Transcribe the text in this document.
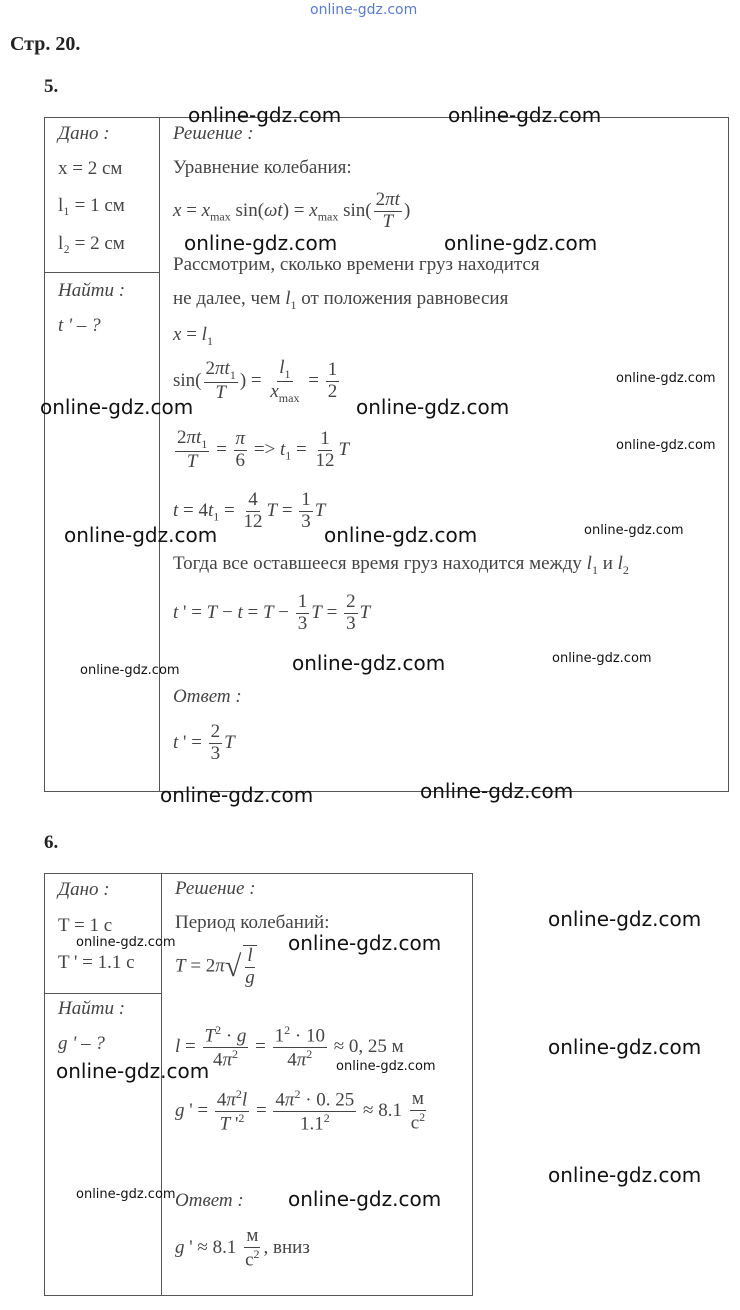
online-gdz.com
Стр. 20.
5.
Дано :
x = 2 см
l₁ = 1 см
l₂ = 2 см
Найти :
t ' – ?
Решение :
Уравнение колебания:
$x = x_{max}$ $\sin(\omega t) = x_{max}$ $\sin( \frac{2\pi t}{T}$ )
Рассмотрим, сколько времени груз находится
не далее, чем $l_1$ от положения равновесия
$x = l_1$
$\sin( \frac{2\pi t_1}{T}$ ) = $\frac{l_1}{x_{max}} = \frac{1}{2}$
$\frac{2\pi t_1}{T} = \frac{\pi}{6} => t_1 = \frac{1}{12}$ T
$t = 4t_1 = \frac{4}{12}$ $T = \frac{1}{3}$ T
Тогда все оставшееся время груз находится между $l_1$ и $l_2$
t ' = $T - t = T - \frac{1}{3}$ $T = \frac{2}{3}$ T
Ответ :
t ' = $\frac{2}{3}$ T
6.
Дано :
T = 1 с
T ' = 1.1 с
Найти :
g ' – ?
Решение :
Период колебаний:
$T = 2\pi√ \frac{l}{g}$
$l = \frac{T^2 \cdot g}{4\pi^2} = \frac{1^2 \cdot 10}{4\pi^2} \approx 0$, 25 м
g ' = $\frac{4\pi^2l}{T '^2} = \frac{4\pi^2 \cdot 0. 25}{1.1^2} \approx 8.1 \frac{м}{с^2}$
Ответ :
g ' ≈ $8.1 \frac{м}{с^2}$ , вниз
online-gdz.com	online-gdz.com
online-gdz.com	online-gdz.com
online-gdz.com
online-gdz.com	online-gdz.com
online-gdz.com
online-gdz.com	online-gdz.com	online-gdz.com
online-gdz.com
online-gdz.com
online-gdz.com
online-gdz.com
online-gdz.com
online-gdz.com
online-gdz.com	online-gdz.com
online-gdz.com
online-gdz.com
online-gdz.com
online-gdz.com
online-gdz.com	online-gdz.com
